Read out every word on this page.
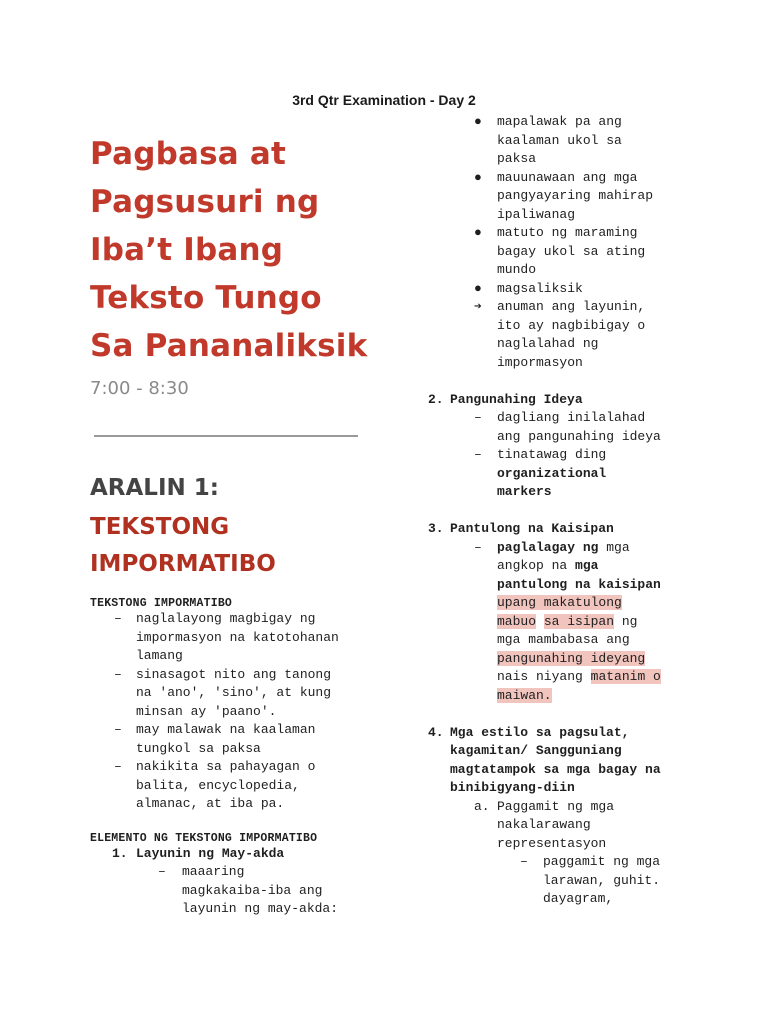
3rd Qtr Examination - Day 2
Pagbasa at
Pagsusuri ng
Iba’t Ibang
Teksto Tungo
Sa Pananaliksik
7:00 - 8:30
ARALIN 1:
TEKSTONG
IMPORMATIBO
TEKSTONG IMPORMATIBO
– naglalayong magbigay ng
impormasyon na katotohanan
lamang
– sinasagot nito ang tanong
na 'ano', 'sino', at kung
minsan ay 'paano'.
– may malawak na kaalaman
tungkol sa paksa
– nakikita sa pahayagan o
balita, encyclopedia,
almanac, at iba pa.
ELEMENTO NG TEKSTONG IMPORMATIBO
1. Layunin ng May-akda
– maaaring
magkakaiba-iba ang
layunin ng may-akda:
● mapalawak pa ang
kaalaman ukol sa
paksa
● mauunawaan ang mga
pangyayaring mahirap
ipaliwanag
● matuto ng maraming
bagay ukol sa ating
mundo
● magsaliksik
➔ anuman ang layunin,
ito ay nagbibigay o
naglalahad ng
impormasyon
2. Pangunahing Ideya
– dagliang inilalahad
ang pangunahing ideya
– tinatawag ding
organizational
markers
3. Pantulong na Kaisipan
– paglalagay ng mga
angkop na mga
pantulong na kaisipan
upang makatulong
mabuo sa isipan ng
mga mambabasa ang
pangunahing ideyang
nais niyang matanim o
maiwan.
4. Mga estilo sa pagsulat,
kagamitan/ Sangguniang
magtatampok sa mga bagay na
binibigyang-diin
a. Paggamit ng mga
nakalarawang
representasyon
– paggamit ng mga
larawan, guhit.
dayagram,
